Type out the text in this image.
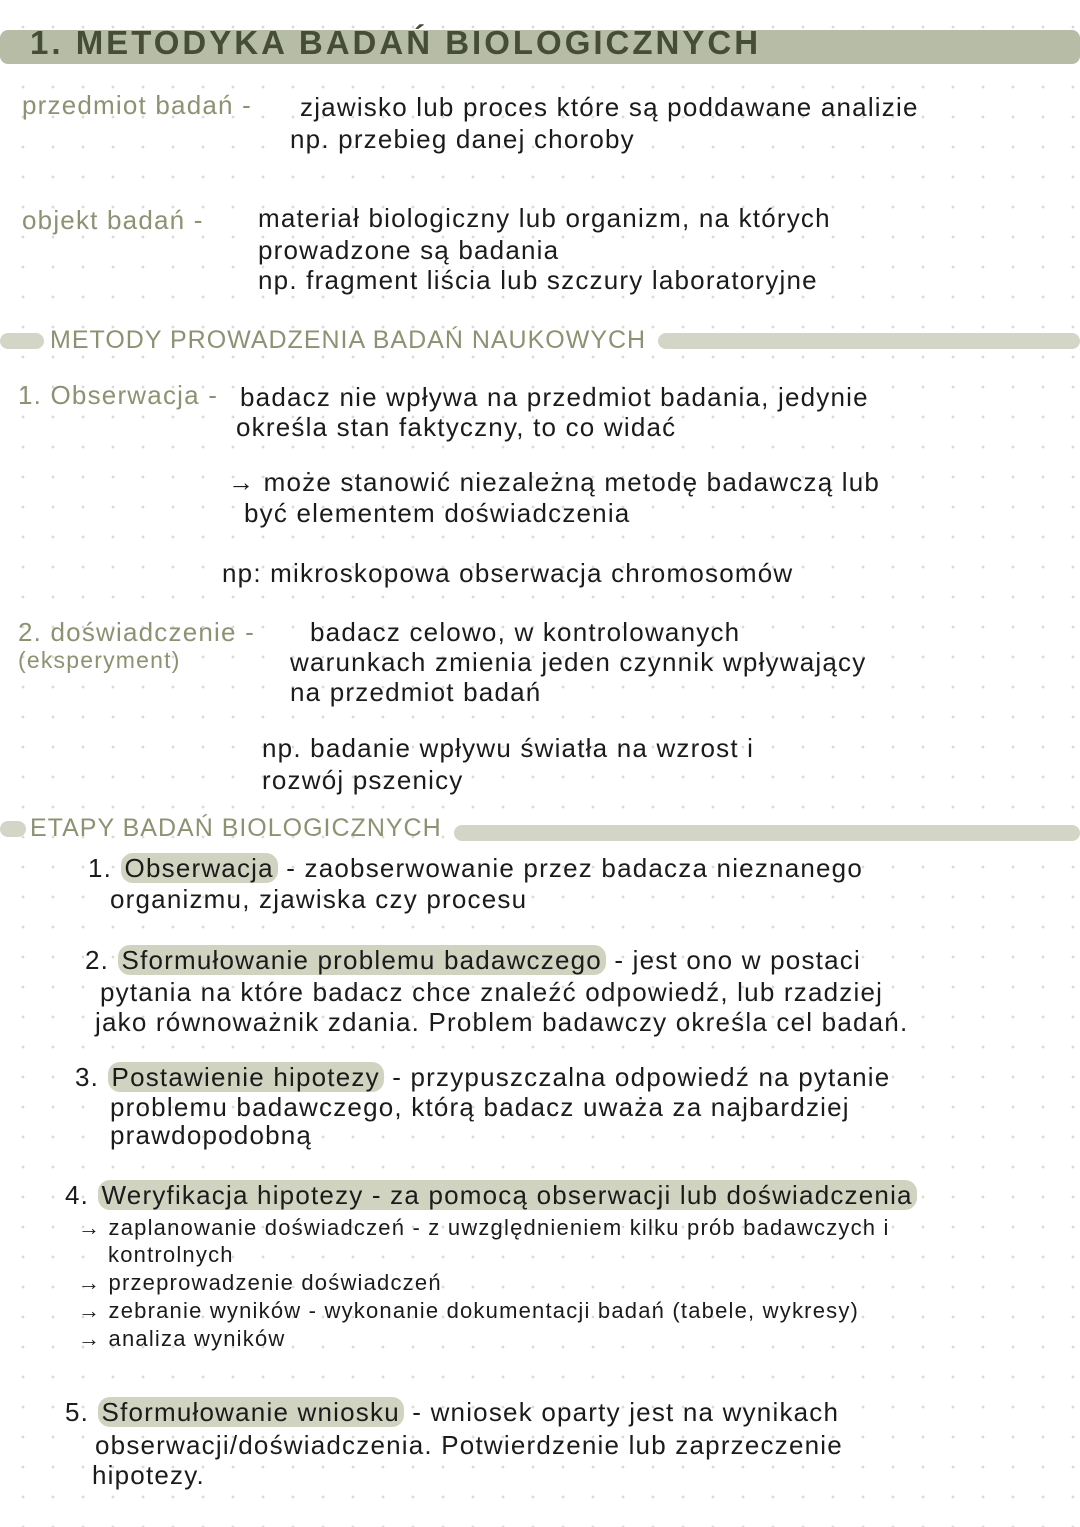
1. METODYKA BADAŃ BIOLOGICZNYCH
przedmiot badań - zjawisko lub proces które są poddawane analizie
np. przebieg danej choroby
objekt badań - materiał biologiczny lub organizm, na których
prowadzone są badania
np. fragment liścia lub szczury laboratoryjne
METODY PROWADZENIA BADAŃ NAUKOWYCH
1. Obserwacja - badacz nie wpływa na przedmiot badania, jedynie
określa stan faktyczny, to co widać
→ może stanowić niezależną metodę badawczą lub
być elementem doświadczenia
np: mikroskopowa obserwacja chromosomów
2. doświadczenie -
(eksperyment)
badacz celowo, w kontrolowanych
warunkach zmienia jeden czynnik wpływający
na przedmiot badań
np. badanie wpływu światła na wzrost i
rozwój pszenicy
ETAPY BADAŃ BIOLOGICZNYCH
1. Obserwacja - zaobserwowanie przez badacza nieznanego
organizmu, zjawiska czy procesu
2. Sformułowanie problemu badawczego - jest ono w postaci
pytania na które badacz chce znaleźć odpowiedź, lub rzadziej
jako równoważnik zdania. Problem badawczy określa cel badań.
3. Postawienie hipotezy - przypuszczalna odpowiedź na pytanie
problemu badawczego, którą badacz uważa za najbardziej
prawdopodobną
4. Weryfikacja hipotezy - za pomocą obserwacji lub doświadczenia
→ zaplanowanie doświadczeń - z uwzględnieniem kilku prób badawczych i
kontrolnych
→ przeprowadzenie doświadczeń
→ zebranie wyników - wykonanie dokumentacji badań (tabele, wykresy)
→ analiza wyników
5. Sformułowanie wniosku - wniosek oparty jest na wynikach
obserwacji/doświadczenia. Potwierdzenie lub zaprzeczenie
hipotezy.
